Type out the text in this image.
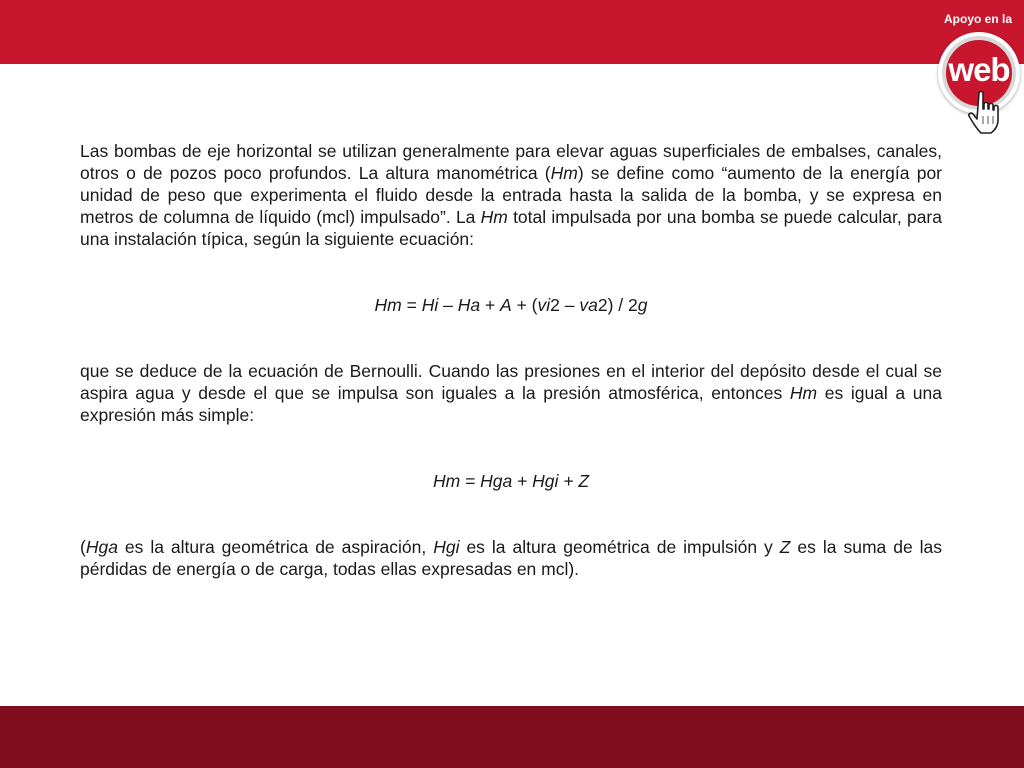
Apoyo en la
web

Las bombas de eje horizontal se utilizan generalmente para elevar aguas superficiales de embalses, canales, otros o de pozos poco profundos. La altura manométrica (Hm) se define como “aumento de la energía por unidad de peso que experimenta el fluido desde la entrada hasta la salida de la bomba, y se expresa en metros de columna de líquido (mcl) impulsado”. La Hm total impulsada por una bomba se puede calcular, para una instalación típica, según la siguiente ecuación:

Hm = Hi – Ha + A + (vi2 – va2) / 2g

que se deduce de la ecuación de Bernoulli. Cuando las presiones en el interior del depósito desde el cual se aspira agua y desde el que se impulsa son iguales a la presión atmosférica, entonces Hm es igual a una expresión más simple:

Hm = Hga + Hgi + Z

(Hga es la altura geométrica de aspiración, Hgi es la altura geométrica de impulsión y Z es la suma de las pérdidas de energía o de carga, todas ellas expresadas en mcl).
